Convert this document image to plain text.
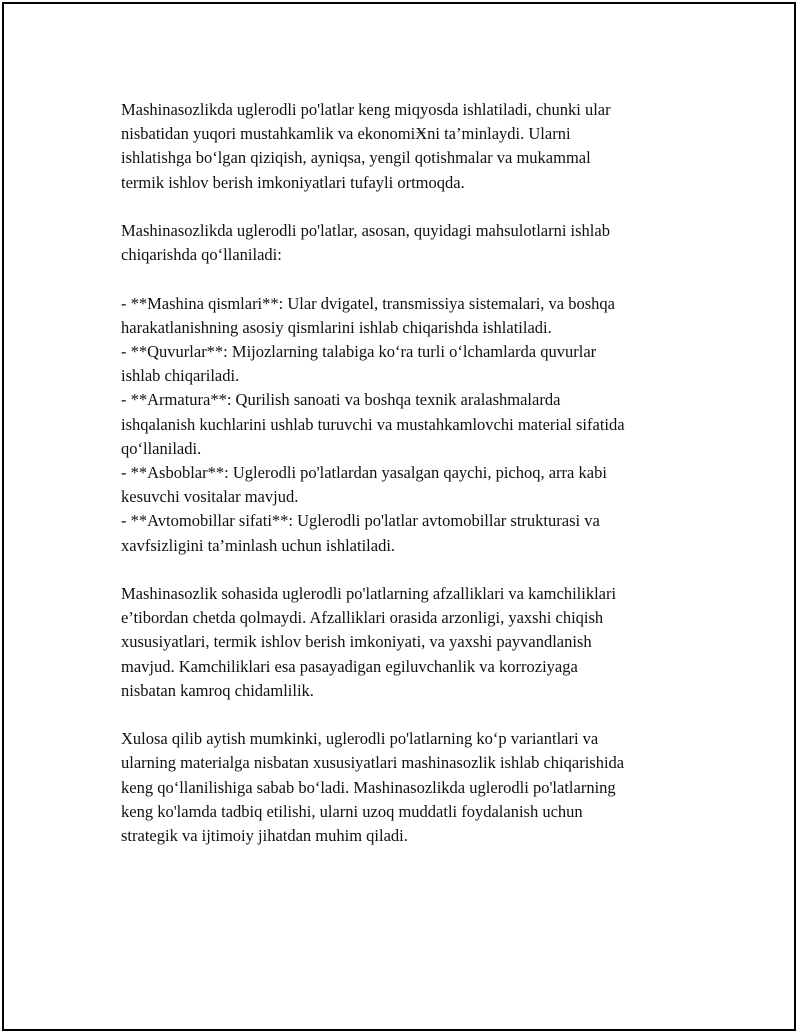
Mashinasozlikda uglerodli po'latlar keng miqyosda ishlatiladi, chunki ular

nisbatidan yuqori mustahkamlik va ekonomiӾni ta’minlaydi. Ularni

ishlatishga bo‘lgan qiziqish, ayniqsa, yengil qotishmalar va mukammal

termik ishlov berish imkoniyatlari tufayli ortmoqda.

Mashinasozlikda uglerodli po'latlar, asosan, quyidagi mahsulotlarni ishlab

chiqarishda qo‘llaniladi:

- **Mashina qismlari**: Ular dvigatel, transmissiya sistemalari, va boshqa

harakatlanishning asosiy qismlarini ishlab chiqarishda ishlatiladi.

- **Quvurlar**: Mijozlarning talabiga ko‘ra turli o‘lchamlarda quvurlar

ishlab chiqariladi.

- **Armatura**: Qurilish sanoati va boshqa texnik aralashmalarda

ishqalanish kuchlarini ushlab turuvchi va mustahkamlovchi material sifatida

qo‘llaniladi.

- **Asboblar**: Uglerodli po'latlardan yasalgan qaychi, pichoq, arra kabi

kesuvchi vositalar mavjud.

- **Avtomobillar sifati**: Uglerodli po'latlar avtomobillar strukturasi va

xavfsizligini ta’minlash uchun ishlatiladi.

Mashinasozlik sohasida uglerodli po'latlarning afzalliklari va kamchiliklari

e’tibordan chetda qolmaydi. Afzalliklari orasida arzonligi, yaxshi chiqish

xususiyatlari, termik ishlov berish imkoniyati, va yaxshi payvandlanish

mavjud. Kamchiliklari esa pasayadigan egiluvchanlik va korroziyaga

nisbatan kamroq chidamlilik.

Xulosa qilib aytish mumkinki, uglerodli po'latlarning ko‘p variantlari va

ularning materialga nisbatan xususiyatlari mashinasozlik ishlab chiqarishida

keng qo‘llanilishiga sabab bo‘ladi. Mashinasozlikda uglerodli po'latlarning

keng ko'lamda tadbiq etilishi, ularni uzoq muddatli foydalanish uchun

strategik va ijtimoiy jihatdan muhim qiladi.
